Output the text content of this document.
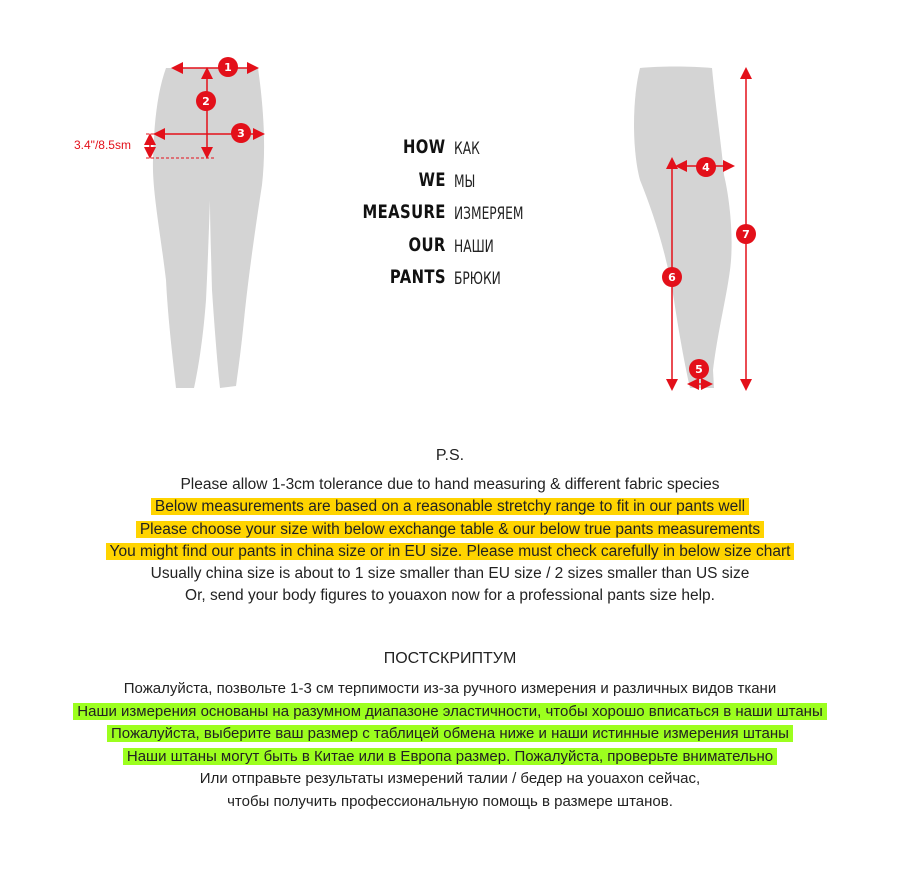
1
2
3
4
5
6
7
3.4"/8.5sm	HOW КАК
WE МЫ
MEASURE ИЗМЕРЯЕМ
OUR НАШИ
PANTS БРЮКИ
P.S.
Please allow 1-3cm tolerance due to hand measuring & different fabric species
Below measurements are based on a reasonable stretchy range to fit in our pants well
Please choose your size with below exchange table & our below true pants measurements
You might find our pants in china size or in EU size. Please must check carefully in below size chart
Usually china size is about to 1 size smaller than EU size / 2 sizes smaller than US size
Or, send your body figures to youaxon now for a professional pants size help.
ПОСТСКРИПТУМ
Пожалуйста, позвольте 1-3 см терпимости из-за ручного измерения и различных видов ткани
Наши измерения основаны на разумном диапазоне эластичности, чтобы хорошо вписаться в наши штаны
Пожалуйста, выберите ваш размер с таблицей обмена ниже и наши истинные измерения штаны
Наши штаны могут быть в Китае или в Европа размер. Пожалуйста, проверьте внимательно
Или отправьте результаты измерений талии / бедер на youaxon сейчас,
чтобы получить профессиональную помощь в размере штанов.
